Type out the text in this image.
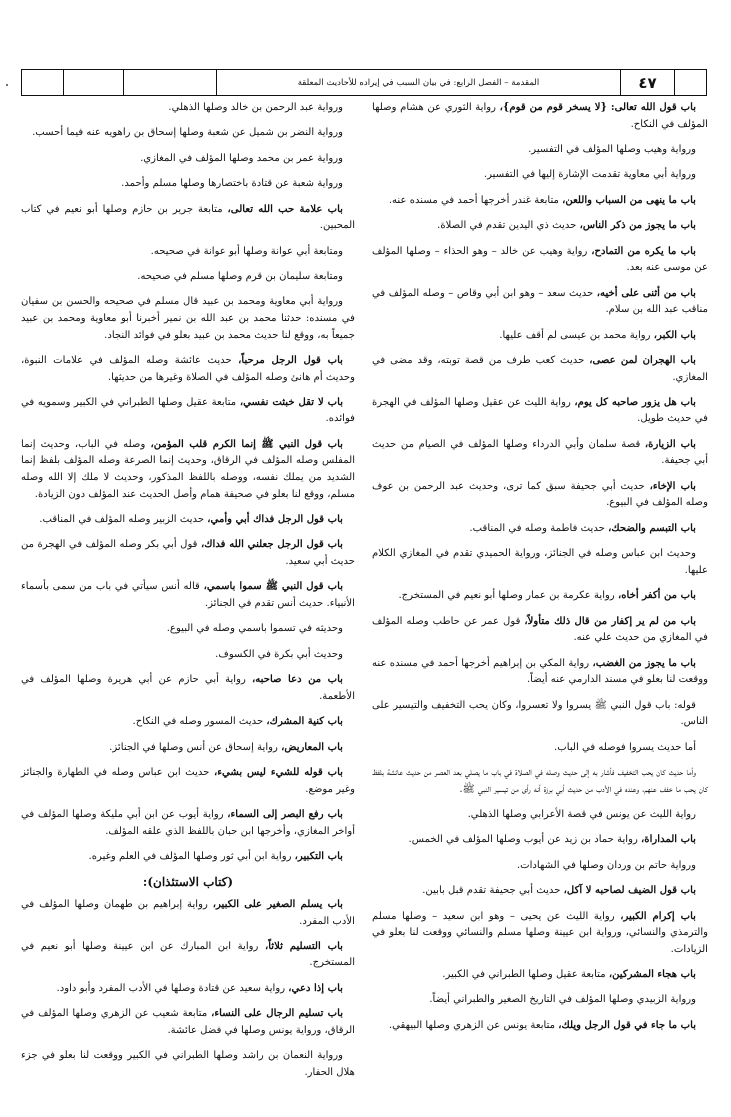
المقدمة – الفصل الرابع: في بيان السبب في إيراده للأحاديث المعلقة	٤٧

باب قول الله تعالى: {لا يسخر قوم من قوم}، رواية الثوري عن هشام وصلها المؤلف في النكاح.

ورواية وهيب وصلها المؤلف في التفسير.

ورواية أبي معاوية تقدمت الإشارة إليها في التفسير.

باب ما ينهى من السباب واللعن، متابعة غندر أخرجها أحمد في مسنده عنه.

باب ما يجوز من ذكر الناس، حديث ذي اليدين تقدم في الصلاة.

باب ما يكره من التمادح، رواية وهيب عن خالد – وهو الحذاء – وصلها المؤلف عن موسى عنه بعد.

باب من أثنى على أخيه، حديث سعد – وهو ابن أبي وقاص – وصله المؤلف في مناقب عبد الله بن سلام.

باب الكبر، رواية محمد بن عيسى لم أقف عليها.

باب الهجران لمن عصى، حديث كعب طرف من قصة توبته، وقد مضى في المغازي.

باب هل يزور صاحبه كل يوم، رواية الليث عن عقيل وصلها المؤلف في الهجرة في حديث طويل.

باب الزيارة، قصة سلمان وأبي الدرداء وصلها المؤلف في الصيام من حديث أبي جحيفة.

باب الإخاء، حديث أبي جحيفة سبق كما ترى، وحديث عبد الرحمن بن عوف وصله المؤلف في البيوع.

باب التبسم والضحك، حديث فاطمة وصله في المناقب.

وحديث ابن عباس وصله في الجنائز، ورواية الحميدي تقدم في المغازي الكلام عليها.

باب من أكفر أخاه، رواية عكرمة بن عمار وصلها أبو نعيم في المستخرج.

باب من لم ير إكفار من قال ذلك متأولاً، قول عمر عن حاطب وصله المؤلف في المغازي من حديث علي عنه.

باب ما يجوز من الغضب، رواية المكي بن إبراهيم أخرجها أحمد في مسنده عنه ووقعت لنا بعلو في مسند الدارمي عنه أيضاً.

قوله: باب قول النبي ﷺ يسروا ولا تعسروا، وكان يحب التخفيف والتيسير على الناس.

أما حديث يسروا فوصله في الباب.

وأما حديث كان يحب التخفيف فأشار به إلى حديث وصله في الصلاة في باب ما يصلي بعد العصر من حديث عائشة بلفظ كان يحب ما خفف عنهم، وعنده في الأدب من حديث أبي برزة أنه رأى من تيسير النبي ﷺ.

رواية الليث عن يونس في قصة الأعرابي وصلها الذهلي.

باب المداراة، رواية حماد بن زيد عن أيوب وصلها المؤلف في الخمس.

ورواية حاتم بن وردان وصلها في الشهادات.

باب قول الضيف لصاحبه لا آكل، حديث أبي جحيفة تقدم قبل بابين.

باب إكرام الكبير، رواية الليث عن يحيى – وهو ابن سعيد – وصلها مسلم والترمذي والنسائي، ورواية ابن عيينة وصلها مسلم والنسائي ووقعت لنا بعلو في الزيادات.

باب هجاء المشركين، متابعة عقيل وصلها الطبراني في الكبير.

ورواية الزبيدي وصلها المؤلف في التاريخ الصغير والطبراني أيضاً.

باب ما جاء في قول الرجل ويلك، متابعة يونس عن الزهري وصلها البيهقي.

ورواية عبد الرحمن بن خالد وصلها الذهلي.

ورواية النضر بن شميل عن شعبة وصلها إسحاق بن راهويه عنه فيما أحسب.

ورواية عمر بن محمد وصلها المؤلف في المغازي.

ورواية شعبة عن قتادة باختصارها وصلها مسلم وأحمد.

باب علامة حب الله تعالى، متابعة جرير بن حازم وصلها أبو نعيم في كتاب المحبين.

ومتابعة أبي عوانة وصلها أبو عوانة في صحيحه.

ومتابعة سليمان بن قرم وصلها مسلم في صحيحه.

ورواية أبي معاوية ومحمد بن عبيد قال مسلم في صحيحه والحسن بن سفيان في مسنده: حدثنا محمد بن عبد الله بن نمير أخبرنا أبو معاوية ومحمد بن عبيد جميعاً به، ووقع لنا حديث محمد بن عبيد بعلو في فوائد النجاد.

باب قول الرجل مرحباً، حديث عائشة وصله المؤلف في علامات النبوة، وحديث أم هانئ وصله المؤلف في الصلاة وغيرها من حديثها.

باب لا تقل خبثت نفسي، متابعة عقيل وصلها الطبراني في الكبير وسمويه في فوائده.

باب قول النبي ﷺ إنما الكرم قلب المؤمن، وصله في الباب، وحديث إنما المفلس وصله المؤلف في الرقاق، وحديث إنما الصرعة وصله المؤلف بلفظ إنما الشديد من يملك نفسه، ووصله باللفظ المذكور، وحديث لا ملك إلا الله وصله مسلم، ووقع لنا بعلو في صحيفة همام وأصل الحديث عند المؤلف دون الزيادة.

باب قول الرجل فداك أبي وأمي، حديث الزبير وصله المؤلف في المناقب.

باب قول الرجل جعلني الله فداك، قول أبي بكر وصله المؤلف في الهجرة من حديث أبي سعيد.

باب قول النبي ﷺ سموا باسمي، قاله أنس سيأتي في باب من سمى بأسماء الأنبياء. حديث أنس تقدم في الجنائز.

وحديثه في تسموا باسمي وصله في البيوع.

وحديث أبي بكرة في الكسوف.

باب من دعا صاحبه، رواية أبي حازم عن أبي هريرة وصلها المؤلف في الأطعمة.

باب كنية المشرك، حديث المسور وصله في النكاح.

باب المعاريض، رواية إسحاق عن أنس وصلها في الجنائز.

باب قوله للشيء ليس بشيء، حديث ابن عباس وصله في الطهارة والجنائز وغير موضع.

باب رفع البصر إلى السماء، رواية أيوب عن ابن أبي مليكة وصلها المؤلف في أواخر المغازي، وأخرجها ابن حبان باللفظ الذي علقه المؤلف.

باب التكبير، رواية ابن أبي ثور وصلها المؤلف في العلم وغيره.

(كتاب الاستئذان):

باب يسلم الصغير على الكبير، رواية إبراهيم بن طهمان وصلها المؤلف في الأدب المفرد.

باب التسليم ثلاثاً، رواية ابن المبارك عن ابن عيينة وصلها أبو نعيم في المستخرج.

باب إذا دعي، رواية سعيد عن قتادة وصلها في الأدب المفرد وأبو داود.

باب تسليم الرجال على النساء، متابعة شعيب عن الزهري وصلها المؤلف في الرقاق، ورواية يونس وصلها في فضل عائشة.

ورواية النعمان بن راشد وصلها الطبراني في الكبير ووقعت لنا بعلو في جزء هلال الحفار.
